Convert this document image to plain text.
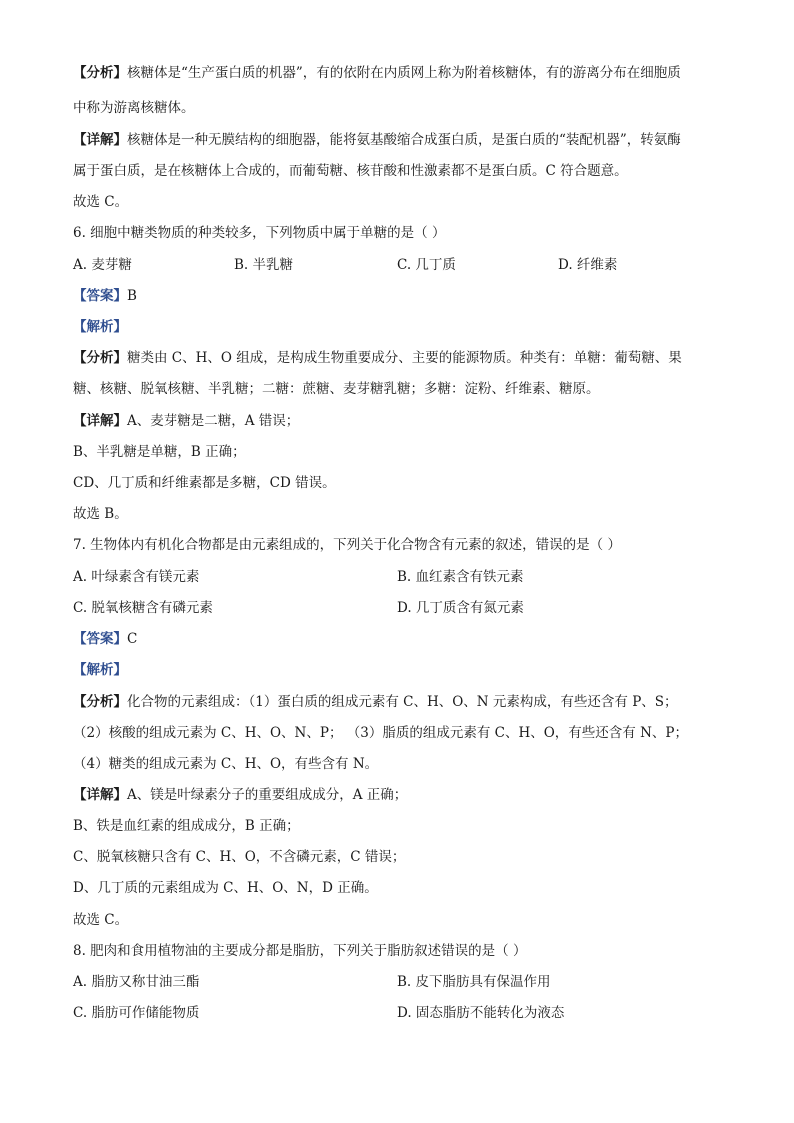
【分析】核糖体是“生产蛋白质的机器”，有的依附在内质网上称为附着核糖体，有的游离分布在细胞质
中称为游离核糖体。
【详解】核糖体是一种无膜结构的细胞器，能将氨基酸缩合成蛋白质，是蛋白质的“装配机器”，转氨酶
属于蛋白质，是在核糖体上合成的，而葡萄糖、核苷酸和性激素都不是蛋白质。C 符合题意。
故选 C。
6. 细胞中糖类物质的种类较多，下列物质中属于单糖的是（ ）
A. 麦芽糖	B. 半乳糖	C. 几丁质	D. 纤维素
【答案】B
【解析】
【分析】糖类由 C、H、O 组成，是构成生物重要成分、主要的能源物质。种类有：单糖：葡萄糖、果
糖、核糖、脱氧核糖、半乳糖；二糖：蔗糖、麦芽糖乳糖；多糖：淀粉、纤维素、糖原。
【详解】A、麦芽糖是二糖，A 错误；
B、半乳糖是单糖，B 正确；
CD、几丁质和纤维素都是多糖，CD 错误。
故选 B。
7. 生物体内有机化合物都是由元素组成的，下列关于化合物含有元素的叙述，错误的是（ ）
A. 叶绿素含有镁元素	B. 血红素含有铁元素
C. 脱氧核糖含有磷元素	D. 几丁质含有氮元素
【答案】C
【解析】
【分析】化合物的元素组成：（1）蛋白质的组成元素有 C、H、O、N 元素构成，有些还含有 P、S；
（2）核酸的组成元素为 C、H、O、N、P； （3）脂质的组成元素有 C、H、O，有些还含有 N、P；
（4）糖类的组成元素为 C、H、O，有些含有 N。
【详解】A、镁是叶绿素分子的重要组成成分，A 正确；
B、铁是血红素的组成成分，B 正确；
C、脱氧核糖只含有 C、H、O，不含磷元素，C 错误；
D、几丁质的元素组成为 C、H、O、N，D 正确。
故选 C。
8. 肥肉和食用植物油的主要成分都是脂肪，下列关于脂肪叙述错误的是（ ）
A. 脂肪又称甘油三酯	B. 皮下脂肪具有保温作用
C. 脂肪可作储能物质	D. 固态脂肪不能转化为液态
